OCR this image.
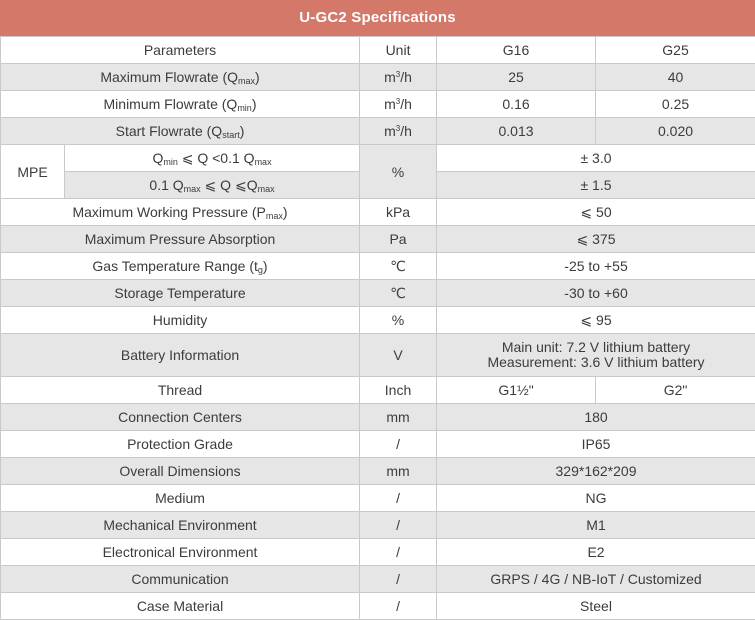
U-GC2 Specifications
Parameters		Unit	G16	G25
Maximum Flowrate $(Q_{max})$		$m^3/h$	25	40
Minimum Flowrate $(Q_{min})$		$m^3/h$	0.16	0.25
Start Flowrate $(Q_{start})$		$m^3/h$	0.013	0.020
MPE	$Q_{min}$ ⩽ Q <0.1 $Q_{max}$	%	± 3.0	
	0.1 $Q_{max}$ ⩽ Q $⩽Q_{max}$		± 1.5	
Maximum Working Pressure $(P_{max})$		kPa	⩽ 50	
Maximum Pressure Absorption		Pa	⩽ 375	
Gas Temperature Range $(t_g)$		℃	-25 to +55	
Storage Temperature		℃	-30 to +60	
Humidity		%	⩽ 95	
Battery Information		V	Main unit: 7.2 V lithium battery
Measurement: 3.6 V lithium battery	

Thread		Inch	G1½"	G2"
Connection Centers		mm	180	
Protection Grade		/	IP65	
Overall Dimensions		mm	329*162*209	
Medium		/	NG	
Mechanical Environment		/	M1	
Electronical Environment		/	E2	
Communication		/	GRPS / 4G / NB-IoT / Customized	
Case Material		/	Steel	
